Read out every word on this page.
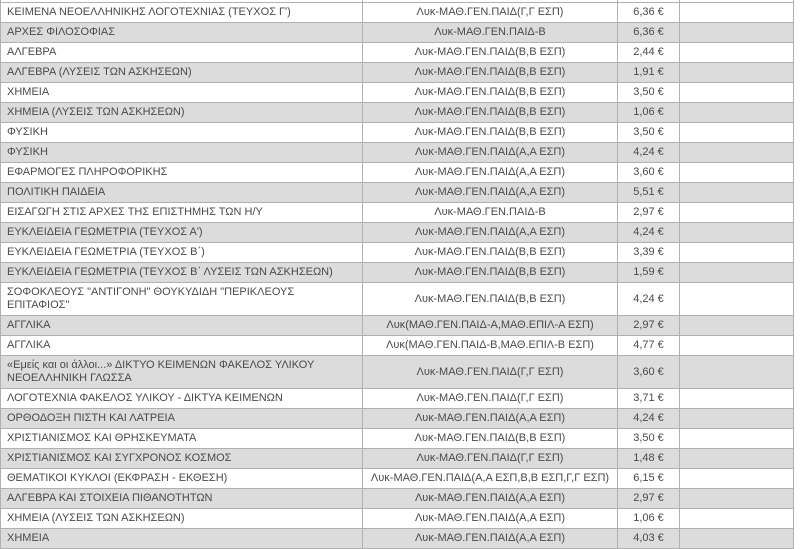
ΚΕΙΜΕΝΑ ΝΕΟΕΛΛΗΝΙΚΗΣ ΛΟΓΟΤΕΧΝΙΑΣ (ΤΕΥΧΟΣ Γ')	Λυκ-ΜΑΘ.ΓΕΝ.ΠΑΙΔ(Γ,Γ ΕΣΠ)	6,36 €	
ΑΡΧΕΣ ΦΙΛΟΣΟΦΙΑΣ	Λυκ-ΜΑΘ.ΓΕΝ.ΠΑΙΔ-Β	6,36 €	
ΑΛΓΕΒΡΑ	Λυκ-ΜΑΘ.ΓΕΝ.ΠΑΙΔ(Β,Β ΕΣΠ)	2,44 €	
ΑΛΓΕΒΡΑ (ΛΥΣΕΙΣ ΤΩΝ ΑΣΚΗΣΕΩΝ)	Λυκ-ΜΑΘ.ΓΕΝ.ΠΑΙΔ(Β,Β ΕΣΠ)	1,91 €	
ΧΗΜΕΙΑ	Λυκ-ΜΑΘ.ΓΕΝ.ΠΑΙΔ(Β,Β ΕΣΠ)	3,50 €	
ΧΗΜΕΙΑ (ΛΥΣΕΙΣ ΤΩΝ ΑΣΚΗΣΕΩΝ)	Λυκ-ΜΑΘ.ΓΕΝ.ΠΑΙΔ(Β,Β ΕΣΠ)	1,06 €	
ΦΥΣΙΚΗ	Λυκ-ΜΑΘ.ΓΕΝ.ΠΑΙΔ(Β,Β ΕΣΠ)	3,50 €	
ΦΥΣΙΚΗ	Λυκ-ΜΑΘ.ΓΕΝ.ΠΑΙΔ(Α,Α ΕΣΠ)	4,24 €	
ΕΦΑΡΜΟΓΕΣ ΠΛΗΡΟΦΟΡΙΚΗΣ	Λυκ-ΜΑΘ.ΓΕΝ.ΠΑΙΔ(Α,Α ΕΣΠ)	3,60 €	
ΠΟΛΙΤΙΚΗ ΠΑΙΔΕΙΑ	Λυκ-ΜΑΘ.ΓΕΝ.ΠΑΙΔ(Α,Α ΕΣΠ)	5,51 €	
ΕΙΣΑΓΩΓΗ ΣΤΙΣ ΑΡΧΕΣ ΤΗΣ ΕΠΙΣΤΗΜΗΣ ΤΩΝ Η/Υ	Λυκ-ΜΑΘ.ΓΕΝ.ΠΑΙΔ-Β	2,97 €	
ΕΥΚΛΕΙΔΕΙΑ ΓΕΩΜΕΤΡΙΑ (ΤΕΥΧΟΣ Α')	Λυκ-ΜΑΘ.ΓΕΝ.ΠΑΙΔ(Α,Α ΕΣΠ)	4,24 €	
ΕΥΚΛΕΙΔΕΙΑ ΓΕΩΜΕΤΡΙΑ (ΤΕΥΧΟΣ Β΄)	Λυκ-ΜΑΘ.ΓΕΝ.ΠΑΙΔ(Β,Β ΕΣΠ)	3,39 €	
ΕΥΚΛΕΙΔΕΙΑ ΓΕΩΜΕΤΡΙΑ (ΤΕΥΧΟΣ Β΄ ΛΥΣΕΙΣ ΤΩΝ ΑΣΚΗΣΕΩΝ)	Λυκ-ΜΑΘ.ΓΕΝ.ΠΑΙΔ(Β,Β ΕΣΠ)	1,59 €	
ΣΟΦΟΚΛΕΟΥΣ "ΑΝΤΙΓΟΝΗ" ΘΟΥΚΥΔΙΔΗ "ΠΕΡΙΚΛΕΟΥΣ ΕΠΙΤΑΦΙΟΣ"	Λυκ-ΜΑΘ.ΓΕΝ.ΠΑΙΔ(Β,Β ΕΣΠ)	4,24 €	
ΑΓΓΛΙΚΑ	Λυκ(ΜΑΘ.ΓΕΝ.ΠΑΙΔ-Α,ΜΑΘ.ΕΠΙΛ-Α ΕΣΠ)	2,97 €	
ΑΓΓΛΙΚΑ	Λυκ(ΜΑΘ.ΓΕΝ.ΠΑΙΔ-Β,ΜΑΘ.ΕΠΙΛ-Β ΕΣΠ)	4,77 €	
«Εμείς και οι άλλοι...» ΔΙΚΤΥΟ ΚΕΙΜΕΝΩΝ ΦΑΚΕΛΟΣ ΥΛΙΚΟΥ ΝΕΟΕΛΛΗΝΙΚΗ ΓΛΩΣΣΑ	Λυκ-ΜΑΘ.ΓΕΝ.ΠΑΙΔ(Γ,Γ ΕΣΠ)	3,60 €	
ΛΟΓΟΤΕΧΝΙΑ ΦΑΚΕΛΟΣ ΥΛΙΚΟΥ - ΔΙΚΤΥΑ ΚΕΙΜΕΝΩΝ	Λυκ-ΜΑΘ.ΓΕΝ.ΠΑΙΔ(Γ,Γ ΕΣΠ)	3,71 €	
ΟΡΘΟΔΟΞΗ ΠΙΣΤΗ ΚΑΙ ΛΑΤΡΕΙΑ	Λυκ-ΜΑΘ.ΓΕΝ.ΠΑΙΔ(Α,Α ΕΣΠ)	4,24 €	
ΧΡΙΣΤΙΑΝΙΣΜΟΣ ΚΑΙ ΘΡΗΣΚΕΥΜΑΤΑ	Λυκ-ΜΑΘ.ΓΕΝ.ΠΑΙΔ(Β,Β ΕΣΠ)	3,50 €	
ΧΡΙΣΤΙΑΝΙΣΜΟΣ ΚΑΙ ΣΥΓΧΡΟΝΟΣ ΚΟΣΜΟΣ	Λυκ-ΜΑΘ.ΓΕΝ.ΠΑΙΔ(Γ,Γ ΕΣΠ)	1,48 €	
ΘΕΜΑΤΙΚΟΙ ΚΥΚΛΟΙ (ΕΚΦΡΑΣΗ - ΕΚΘΕΣΗ)	Λυκ-ΜΑΘ.ΓΕΝ.ΠΑΙΔ(Α,Α ΕΣΠ,Β,Β ΕΣΠ,Γ,Γ ΕΣΠ)	6,15 €	
ΑΛΓΕΒΡΑ ΚΑΙ ΣΤΟΙΧΕΙΑ ΠΙΘΑΝΟΤΗΤΩΝ	Λυκ-ΜΑΘ.ΓΕΝ.ΠΑΙΔ(Α,Α ΕΣΠ)	2,97 €	
ΧΗΜΕΙΑ (ΛΥΣΕΙΣ ΤΩΝ ΑΣΚΗΣΕΩΝ)	Λυκ-ΜΑΘ.ΓΕΝ.ΠΑΙΔ(Α,Α ΕΣΠ)	1,06 €	
ΧΗΜΕΙΑ	Λυκ-ΜΑΘ.ΓΕΝ.ΠΑΙΔ(Α,Α ΕΣΠ)	4,03 €	
